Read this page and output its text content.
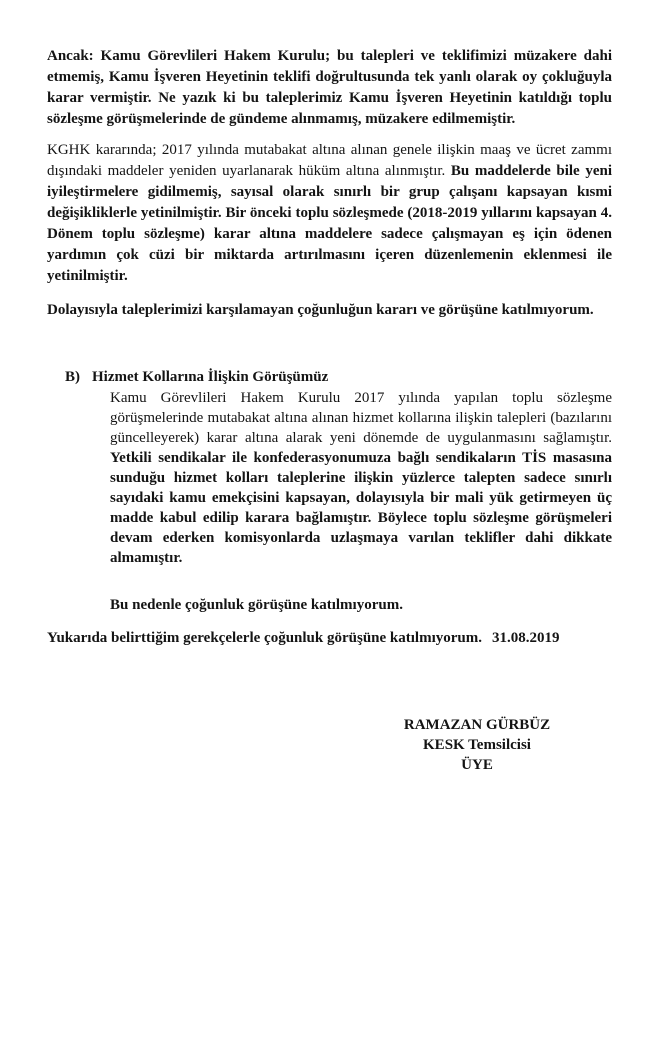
Ancak: Kamu Görevlileri Hakem Kurulu; bu talepleri ve teklifimizi müzakere dahi etmemiş, Kamu İşveren Heyetinin teklifi doğrultusunda tek yanlı olarak oy çokluğuyla karar vermiştir. Ne yazık ki bu taleplerimiz Kamu İşveren Heyetinin katıldığı toplu sözleşme görüşmelerinde de gündeme alınmamış, müzakere edilmemiştir.

KGHK kararında; 2017 yılında mutabakat altına alınan genele ilişkin maaş ve ücret zammı dışındaki maddeler yeniden uyarlanarak hüküm altına alınmıştır. Bu maddelerde bile yeni iyileştirmelere gidilmemiş, sayısal olarak sınırlı bir grup çalışanı kapsayan kısmi değişikliklerle yetinilmiştir. Bir önceki toplu sözleşmede (2018-2019 yıllarını kapsayan 4. Dönem toplu sözleşme) karar altına maddelere sadece çalışmayan eş için ödenen yardımın çok cüzi bir miktarda artırılmasını içeren düzenlemenin eklenmesi ile yetinilmiştir.

Dolayısıyla taleplerimizi karşılamayan çoğunluğun kararı ve görüşüne katılmıyorum.

B) Hizmet Kollarına İlişkin Görüşümüz

Kamu Görevlileri Hakem Kurulu 2017 yılında yapılan toplu sözleşme görüşmelerinde mutabakat altına alınan hizmet kollarına ilişkin talepleri (bazılarını güncelleyerek) karar altına alarak yeni dönemde de uygulanmasını sağlamıştır. Yetkili sendikalar ile konfederasyonumuza bağlı sendikaların TİS masasına sunduğu hizmet kolları taleplerine ilişkin yüzlerce talepten sadece sınırlı sayıdaki kamu emekçisini kapsayan, dolayısıyla bir mali yük getirmeyen üç madde kabul edilip karara bağlamıştır. Böylece toplu sözleşme görüşmeleri devam ederken komisyonlarda uzlaşmaya varılan teklifler dahi dikkate almamıştır.

Bu nedenle çoğunluk görüşüne katılmıyorum.

Yukarıda belirttiğim gerekçelerle çoğunluk görüşüne katılmıyorum. 31.08.2019

RAMAZAN GÜRBÜZ
KESK Temsilcisi
ÜYE
